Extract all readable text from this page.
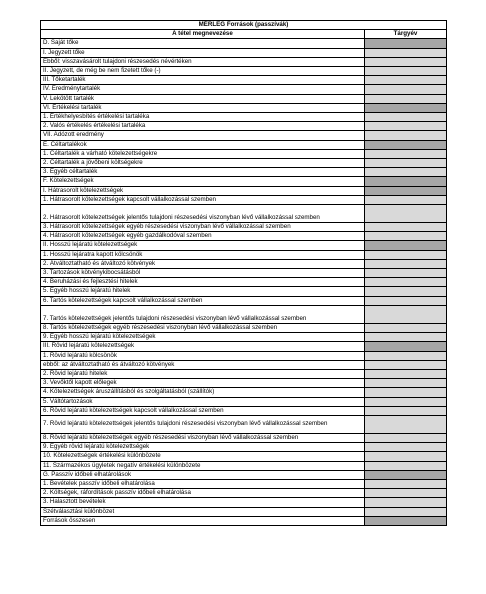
MÉRLEG Források (passzívák)	
A tétel megnevezése	Tárgyév
D. Saját tőke	
I. Jegyzett tőke	
Ebből: visszavásárolt tulajdoni részesedés névértéken	
II. Jegyzett, de még be nem fizetett tőke (-)	
III. Tőketartalék	
IV. Eredménytartalék	
V. Lekötött tartalék	
VI. Értékelési tartalék	
1. Értékhelyesbítés értékelési tartaléka	
2. Valós értékelés értékelési tartaléka	
VII. Adózott eredmény	
E. Céltartalékok	
1. Céltartalék a várható kötelezettségekre	
2. Céltartalék a jövőbeni költségekre	
3. Egyéb céltartalék	
F. Kötelezettségek	
I. Hátrasorolt kötelezettségek	
1. Hátrasorolt kötelezettségek kapcsolt vállalkozással szemben	
2. Hátrasorolt kötelezettségek jelentős tulajdoni részesedési viszonyban lévő vállalkozással szemben	
3. Hátrasorolt kötelezettségek egyéb részesedési viszonyban lévő vállalkozással szemben	
4. Hátrasorolt kötelezettségek egyéb gazdálkodóval szemben	
II. Hosszú lejáratú kötelezettségek	
1. Hosszú lejáratra kapott kölcsönök	
2. Átváltoztatható és átváltozó kötvények	
3. Tartozások kötvénykibocsátásból	
4. Beruházási és fejlesztési hitelek	
5. Egyéb hosszú lejáratú hitelek	
6. Tartós kötelezettségek kapcsolt vállalkozással szemben	
7. Tartós kötelezettségek jelentős tulajdoni részesedési viszonyban lévő vállalkozással szemben	
8. Tartós kötelezettségek egyéb részesedési viszonyban lévő vállalkozással szemben	
9. Egyéb hosszú lejáratú kötelezettségek	
III. Rövid lejáratú kötelezettségek	
1. Rövid lejáratú kölcsönök	
ebből: az átváltoztatható és átváltozó kötvények	
2. Rövid lejáratú hitelek	
3. Vevőktől kapott előlegek	
4. Kötelezettségek áruszállításból és szolgáltatásból (szállítók)	
5. Váltótartozások	
6. Rövid lejáratú kötelezettségek kapcsolt vállalkozással szemben	
7. Rövid lejáratú kötelezettségek jelentős tulajdoni részesedési viszonyban lévő vállalkozással szemben	
8. Rövid lejáratú kötelezettségek egyéb részesedési viszonyban lévő vállalkozással szemben	
9. Egyéb rövid lejáratú kötelezettségek	
10. Kötelezettségek értékelési különbözete	
11. Származékos ügyletek negatív értékelési különbözete	
G. Passzív időbeli elhatárolások	
1. Bevételek passzív időbeli elhatárolása	
2. Költségek, ráfordítások passzív időbeli elhatárolása	
3. Halasztott bevételek	
Szétválasztási különbözet	
Források összesen	
